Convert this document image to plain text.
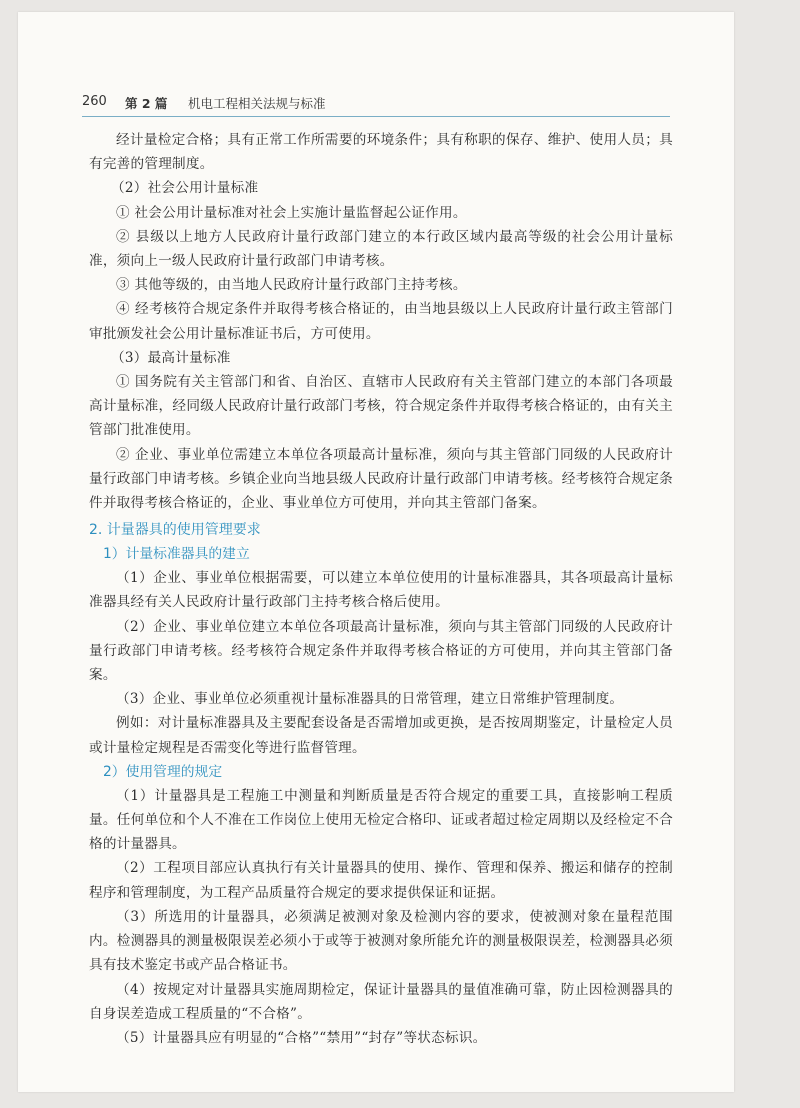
260 第 2 篇 机电工程相关法规与标准

经计量检定合格；具有正常工作所需要的环境条件；具有称职的保存、维护、使用人员；具有完善的管理制度。

（2）社会公用计量标准

① 社会公用计量标准对社会上实施计量监督起公证作用。

② 县级以上地方人民政府计量行政部门建立的本行政区域内最高等级的社会公用计量标准，须向上一级人民政府计量行政部门申请考核。

③ 其他等级的，由当地人民政府计量行政部门主持考核。

④ 经考核符合规定条件并取得考核合格证的，由当地县级以上人民政府计量行政主管部门审批颁发社会公用计量标准证书后，方可使用。

（3）最高计量标准

① 国务院有关主管部门和省、自治区、直辖市人民政府有关主管部门建立的本部门各项最高计量标准，经同级人民政府计量行政部门考核，符合规定条件并取得考核合格证的，由有关主管部门批准使用。

② 企业、事业单位需建立本单位各项最高计量标准，须向与其主管部门同级的人民政府计量行政部门申请考核。乡镇企业向当地县级人民政府计量行政部门申请考核。经考核符合规定条件并取得考核合格证的，企业、事业单位方可使用，并向其主管部门备案。

2. 计量器具的使用管理要求
1）计量标准器具的建立

（1）企业、事业单位根据需要，可以建立本单位使用的计量标准器具，其各项最高计量标准器具经有关人民政府计量行政部门主持考核合格后使用。

（2）企业、事业单位建立本单位各项最高计量标准，须向与其主管部门同级的人民政府计量行政部门申请考核。经考核符合规定条件并取得考核合格证的方可使用，并向其主管部门备案。

（3）企业、事业单位必须重视计量标准器具的日常管理，建立日常维护管理制度。

例如：对计量标准器具及主要配套设备是否需增加或更换，是否按周期鉴定，计量检定人员或计量检定规程是否需变化等进行监督管理。

2）使用管理的规定

（1）计量器具是工程施工中测量和判断质量是否符合规定的重要工具，直接影响工程质量。任何单位和个人不准在工作岗位上使用无检定合格印、证或者超过检定周期以及经检定不合格的计量器具。

（2）工程项目部应认真执行有关计量器具的使用、操作、管理和保养、搬运和储存的控制程序和管理制度，为工程产品质量符合规定的要求提供保证和证据。

（3）所选用的计量器具，必须满足被测对象及检测内容的要求，使被测对象在量程范围内。检测器具的测量极限误差必须小于或等于被测对象所能允许的测量极限误差，检测器具必须具有技术鉴定书或产品合格证书。

（4）按规定对计量器具实施周期检定，保证计量器具的量值准确可靠，防止因检测器具的自身误差造成工程质量的“不合格”。

（5）计量器具应有明显的“合格”“禁用”“封存”等状态标识。
